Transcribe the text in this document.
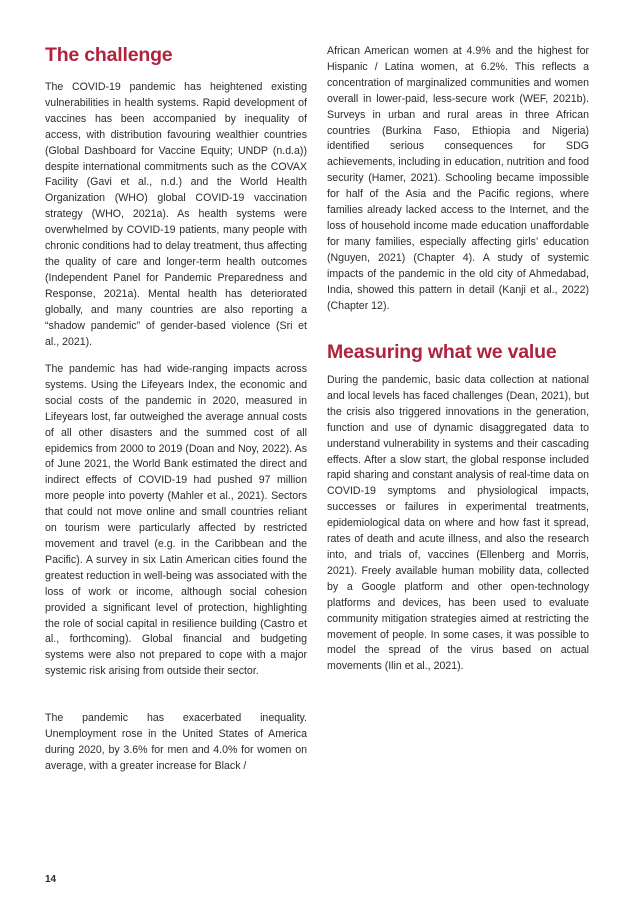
The challenge

The COVID-19 pandemic has heightened existing vulnerabilities in health systems. Rapid development of vaccines has been accompanied by inequality of access, with distribution favouring wealthier countries (Global Dashboard for Vaccine Equity; UNDP (n.d.a)) despite international commitments such as the COVAX Facility (Gavi et al., n.d.) and the World Health Organization (WHO) global COVID-19 vaccination strategy (WHO, 2021a). As health systems were overwhelmed by COVID-19 patients, many people with chronic conditions had to delay treatment, thus affecting the quality of care and longer-term health outcomes (Independent Panel for Pandemic Preparedness and Response, 2021a). Mental health has deteriorated globally, and many countries are also reporting a “shadow pandemic” of gender-based violence (Sri et al., 2021).

The pandemic has had wide-ranging impacts across systems. Using the Lifeyears Index, the economic and social costs of the pandemic in 2020, measured in Lifeyears lost, far outweighed the average annual costs of all other disasters and the summed cost of all epidemics from 2000 to 2019 (Doan and Noy, 2022). As of June 2021, the World Bank estimated the direct and indirect effects of COVID-19 had pushed 97 million more people into poverty (Mahler et al., 2021). Sectors that could not move online and small countries reliant on tourism were particularly affected by restricted movement and travel (e.g. in the Caribbean and the Pacific). A survey in six Latin American cities found the greatest reduction in well-being was associated with the loss of work or income, although social cohesion provided a significant level of protection, highlighting the role of social capital in resilience building (Castro et al., forthcoming). Global financial and budgeting systems were also not prepared to cope with a major systemic risk arising from outside their sector.

The pandemic has exacerbated inequality. Unemployment rose in the United States of America during 2020, by 3.6% for men and 4.0% for women on average, with a greater increase for Black /

African American women at 4.9% and the highest for Hispanic / Latina women, at 6.2%. This reflects a concentration of marginalized communities and women overall in lower-paid, less-secure work (WEF, 2021b). Surveys in urban and rural areas in three African countries (Burkina Faso, Ethiopia and Nigeria) identified serious consequences for SDG achievements, including in education, nutrition and food security (Hamer, 2021). Schooling became impossible for half of the Asia and the Pacific regions, where families already lacked access to the Internet, and the loss of household income made education unaffordable for many families, especially affecting girls’ education (Nguyen, 2021) (Chapter 4). A study of systemic impacts of the pandemic in the old city of Ahmedabad, India, showed this pattern in detail (Kanji et al., 2022) (Chapter 12).

Measuring what we value

During the pandemic, basic data collection at national and local levels has faced challenges (Dean, 2021), but the crisis also triggered innovations in the generation, function and use of dynamic disaggregated data to understand vulnerability in systems and their cascading effects. After a slow start, the global response included rapid sharing and constant analysis of real-time data on COVID-19 symptoms and physiological impacts, successes or failures in experimental treatments, epidemiological data on where and how fast it spread, rates of death and acute illness, and also the research into, and trials of, vaccines (Ellenberg and Morris, 2021). Freely available human mobility data, collected by a Google platform and other open-technology platforms and devices, has been used to evaluate community mitigation strategies aimed at restricting the movement of people. In some cases, it was possible to model the spread of the virus based on actual movements (Ilin et al., 2021).

14
